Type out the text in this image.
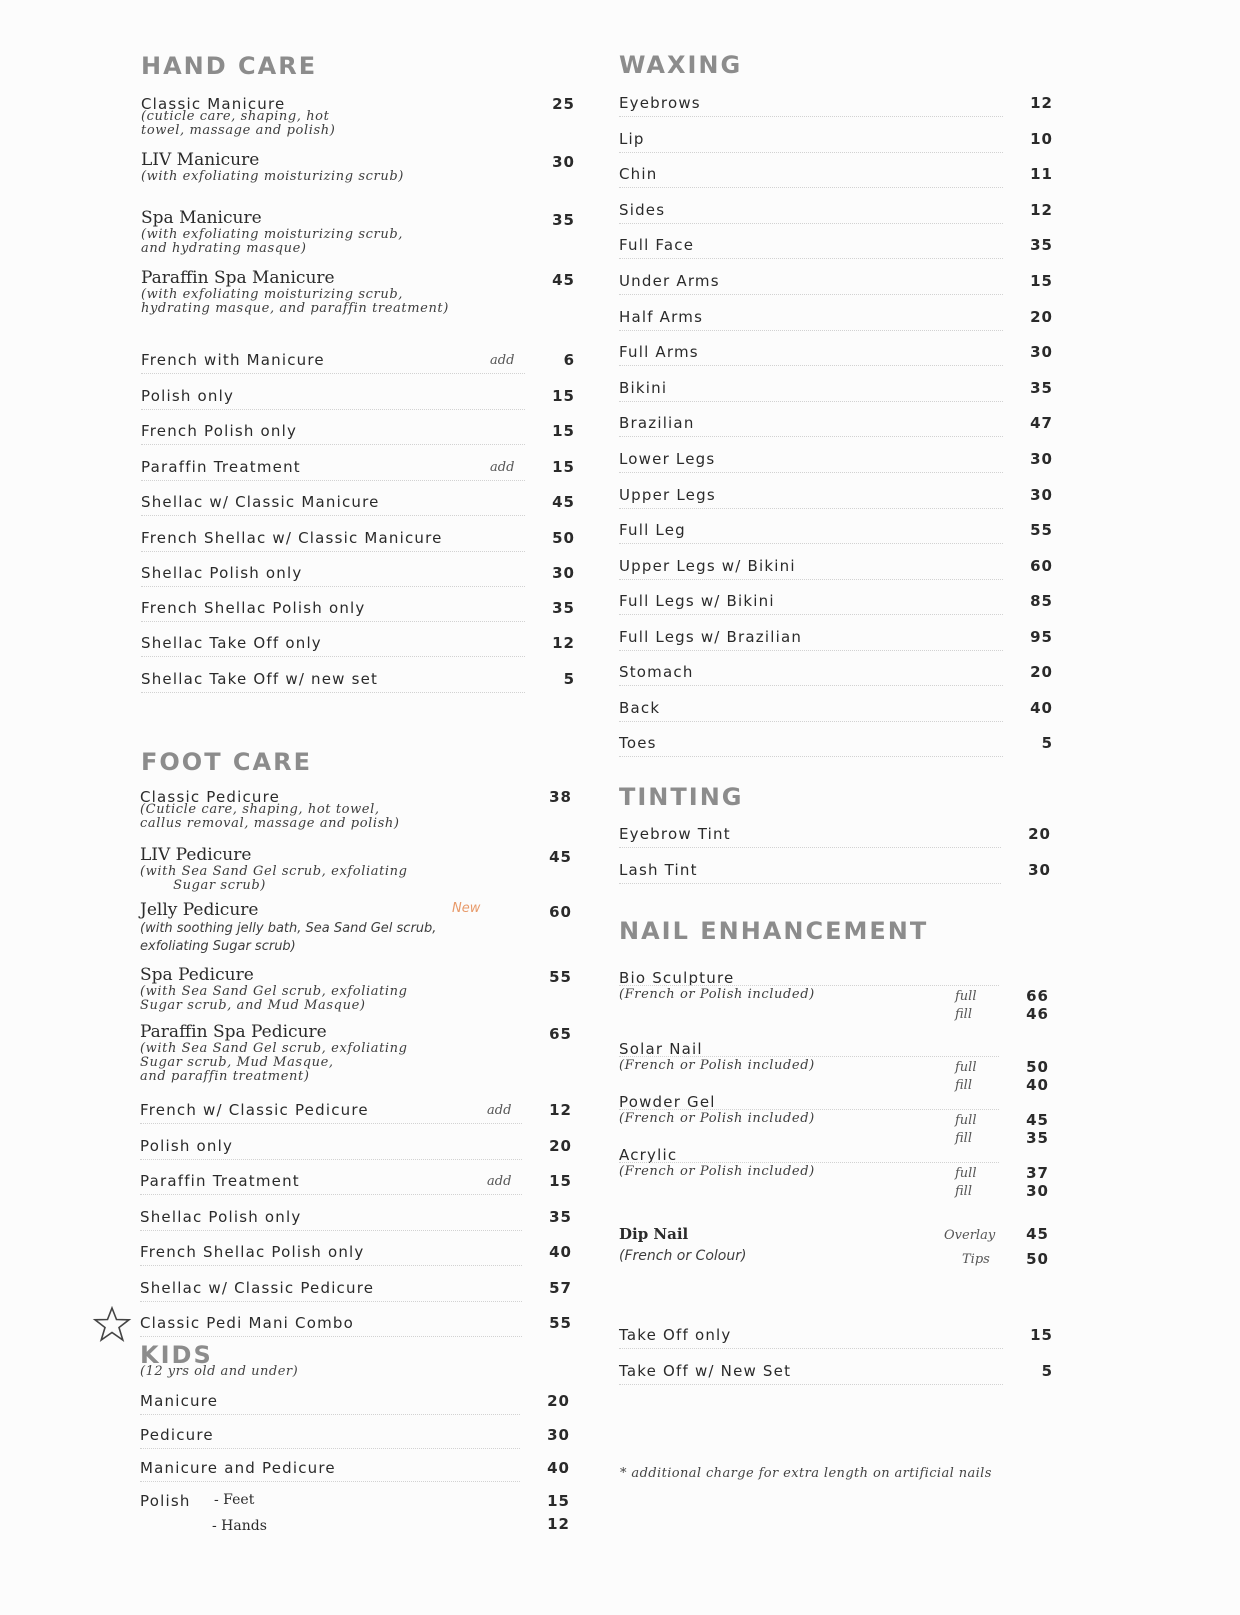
HAND CARE
Classic Manicure	25
(cuticle care, shaping, hot
towel, massage and polish)
LIV Manicure	30
(with exfoliating moisturizing scrub)
Spa Manicure	35
(with exfoliating moisturizing scrub,
and hydrating masque)
Paraffin Spa Manicure	45
(with exfoliating moisturizing scrub,
hydrating masque, and paraffin treatment)
French with Manicure	add	6
Polish only	15
French Polish only	15
Paraffin Treatment	add	15
Shellac w/ Classic Manicure	45
French Shellac w/ Classic Manicure	50
Shellac Polish only	30
French Shellac Polish only	35
Shellac Take Off only	12
Shellac Take Off w/ new set	5
FOOT CARE
Classic Pedicure	38
(Cuticle care, shaping, hot towel,
callus removal, massage and polish)
LIV Pedicure	45
(with Sea Sand Gel scrub, exfoliating
Sugar scrub)
Jelly Pedicure	New	60
(with soothing jelly bath, Sea Sand Gel scrub,
exfoliating Sugar scrub)
Spa Pedicure	55
(with Sea Sand Gel scrub, exfoliating
Sugar scrub, and Mud Masque)
Paraffin Spa Pedicure	65
(with Sea Sand Gel scrub, exfoliating
Sugar scrub, Mud Masque,
and paraffin treatment)
French w/ Classic Pedicure	add	12
Polish only	20
Paraffin Treatment	add	15
Shellac Polish only	35
French Shellac Polish only	40
Shellac w/ Classic Pedicure	57
Classic Pedi Mani Combo	55
KIDS
(12 yrs old and under)
Manicure	20
Pedicure	30
Manicure and Pedicure	40
Polish - Feet	15
- Hands	12
WAXING
Eyebrows	12
Lip	10
Chin	11
Sides	12
Full Face	35
Under Arms	15
Half Arms	20
Full Arms	30
Bikini	35
Brazilian	47
Lower Legs	30
Upper Legs	30
Full Leg	55
Upper Legs w/ Bikini	60
Full Legs w/ Bikini	85
Full Legs w/ Brazilian	95
Stomach	20
Back	40
Toes	5
TINTING
Eyebrow Tint	20
Lash Tint	30
NAIL ENHANCEMENT
Bio Sculpture
(French or Polish included)	full	66
fill	46
Solar Nail
(French or Polish included)	full	50
fill	40
Powder Gel
(French or Polish included)	full	45
fill	35
Acrylic
(French or Polish included)	full	37
fill	30
Dip Nail
(French or Colour)
Overlay	45
Tips	50
Take Off only	15
Take Off w/ New Set	5
* additional charge for extra length on artificial nails
